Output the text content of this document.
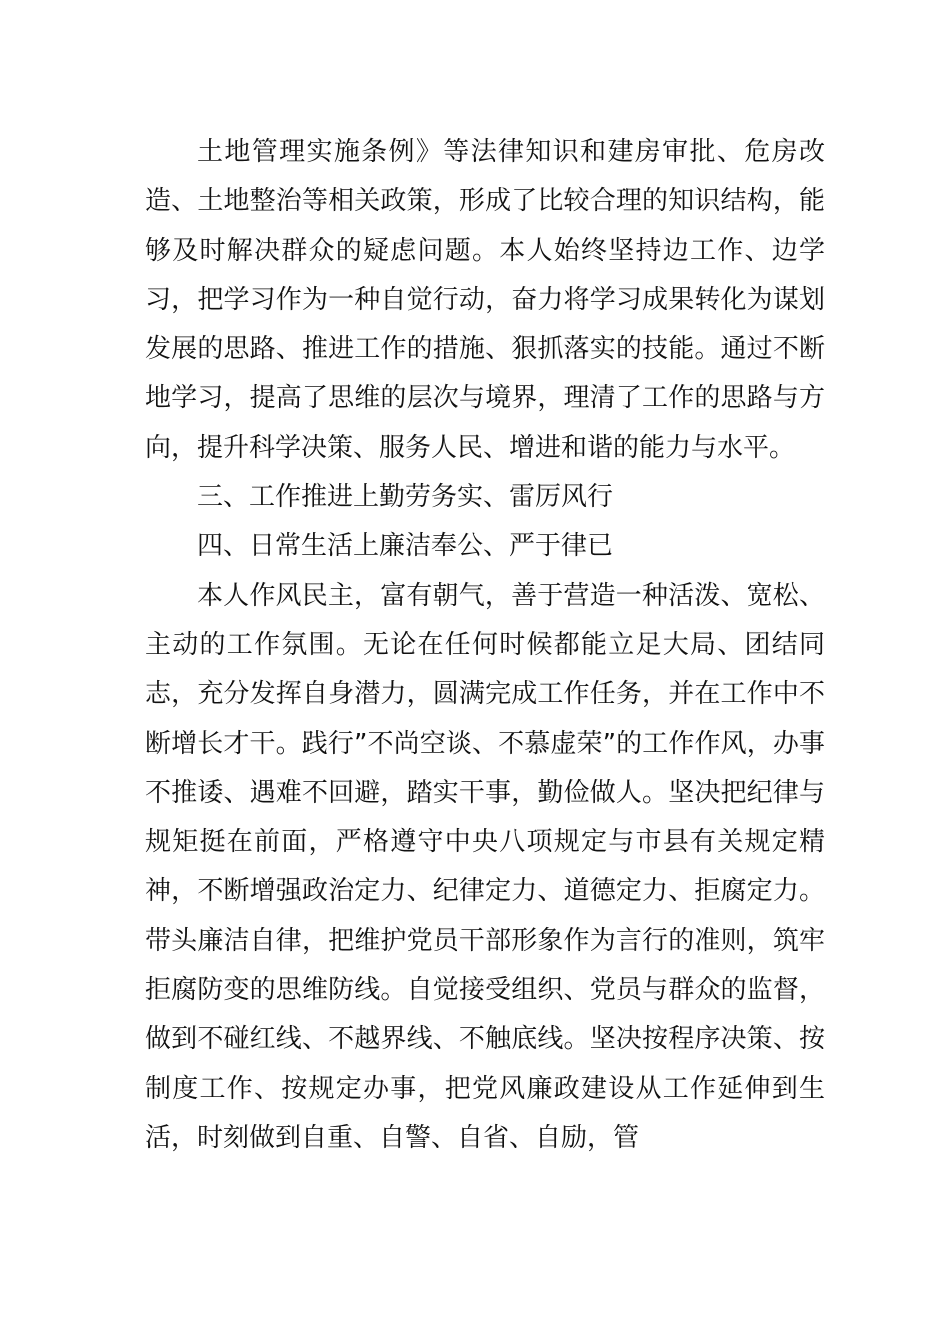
土地管理实施条例》等法律知识和建房审批、危房改造、土地整治等相关政策，形成了比较合理的知识结构，能够及时解决群众的疑虑问题。本人始终坚持边工作、边学习，把学习作为一种自觉行动，奋力将学习成果转化为谋划发展的思路、推进工作的措施、狠抓落实的技能。通过不断地学习，提高了思维的层次与境界，理清了工作的思路与方向，提升科学决策、服务人民、增进和谐的能力与水平。

三、工作推进上勤劳务实、雷厉风行

四、日常生活上廉洁奉公、严于律已

本人作风民主，富有朝气，善于营造一种活泼、宽松、主动的工作氛围。无论在任何时候都能立足大局、团结同志，充分发挥自身潜力，圆满完成工作任务，并在工作中不断增长才干。践行”不尚空谈、不慕虚荣”的工作作风，办事不推诿、遇难不回避，踏实干事，勤俭做人。坚决把纪律与规矩挺在前面，严格遵守中央八项规定与市县有关规定精神，不断增强政治定力、纪律定力、道德定力、拒腐定力。带头廉洁自律，把维护党员干部形象作为言行的准则，筑牢拒腐防变的思维防线。自觉接受组织、党员与群众的监督，做到不碰红线、不越界线、不触底线。坚决按程序决策、按制度工作、按规定办事，把党风廉政建设从工作延伸到生活，时刻做到自重、自警、自省、自励，管
